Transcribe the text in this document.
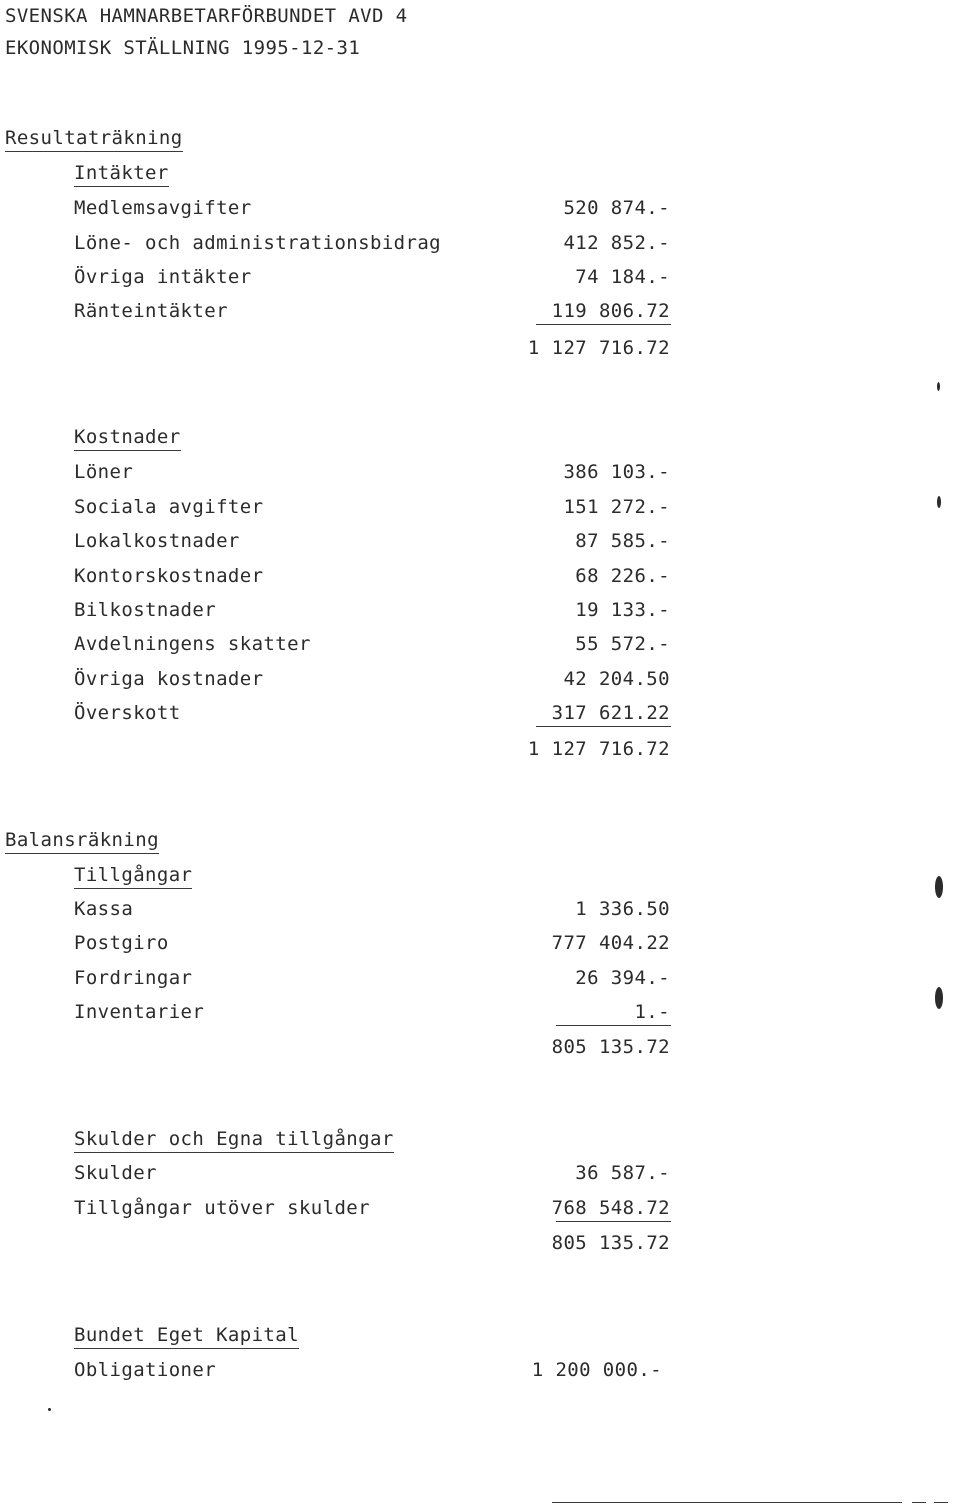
SVENSKA HAMNARBETARFÖRBUNDET AVD 4
EKONOMISK STÄLLNING 1995-12-31
Resultaträkning
Intäkter
Medlemsavgifter	520 874.-
Löne- och administrationsbidrag	412 852.-
Övriga intäkter	74 184.-
Ränteintäkter	119 806.72
1 127 716.72
Kostnader
Löner	386 103.-
Sociala avgifter	151 272.-
Lokalkostnader	87 585.-
Kontorskostnader	68 226.-
Bilkostnader	19 133.-
Avdelningens skatter	55 572.-
Övriga kostnader	42 204.50
Överskott	317 621.22
1 127 716.72
Balansräkning
Tillgångar
Kassa	1 336.50
Postgiro	777 404.22
Fordringar	26 394.-
Inventarier	1.-
805 135.72
Skulder och Egna tillgångar
Skulder	36 587.-
Tillgångar utöver skulder	768 548.72
805 135.72
Bundet Eget Kapital
Obligationer	1 200 000.-
